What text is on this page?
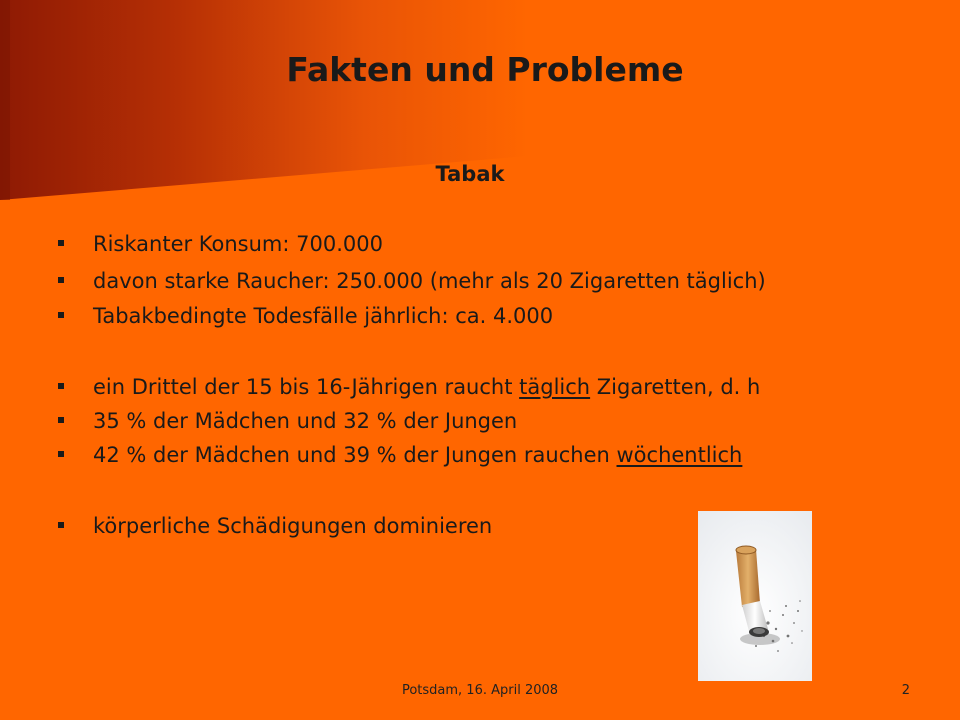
Fakten und Probleme
Tabak
Riskanter Konsum: 700.000
davon starke Raucher: 250.000 (mehr als 20 Zigaretten täglich)
Tabakbedingte Todesfälle jährlich: ca. 4.000
ein Drittel der 15 bis 16-Jährigen raucht täglich Zigaretten, d. h
35 % der Mädchen und 32 % der Jungen
42 % der Mädchen und 39 % der Jungen rauchen wöchentlich
körperliche Schädigungen dominieren
Potsdam, 16. April 2008	2
